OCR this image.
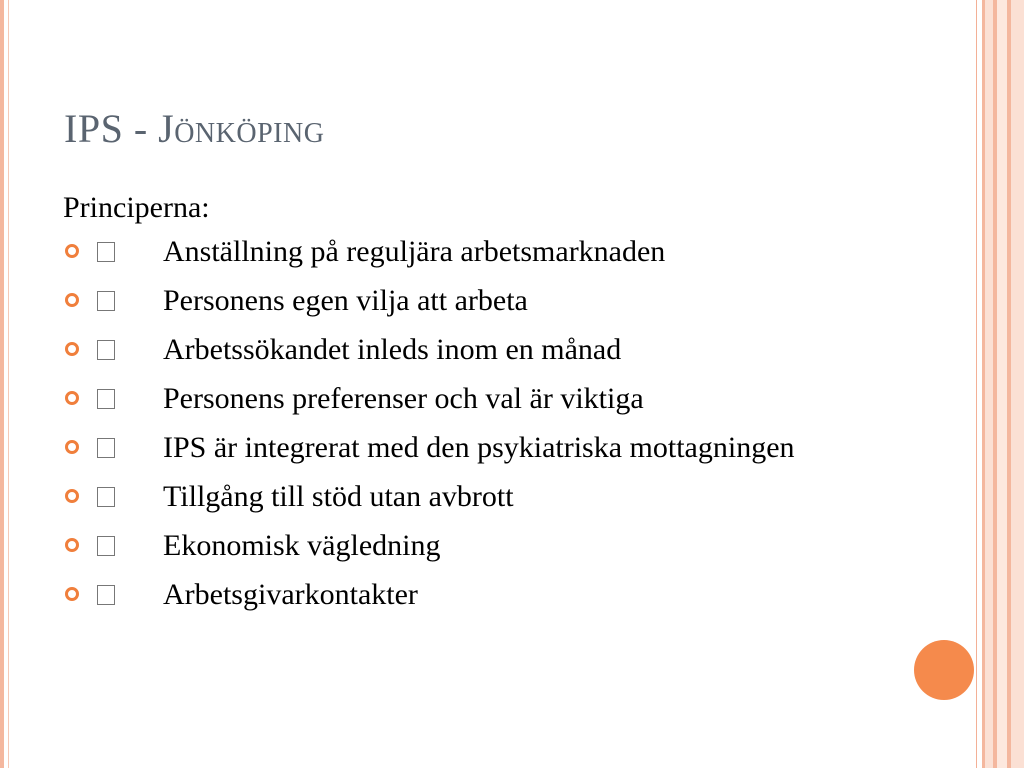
IPS - Jönköping
Principerna:
Anställning på reguljära arbetsmarknaden
Personens egen vilja att arbeta
Arbetssökandet inleds inom en månad
Personens preferenser och val är viktiga
IPS är integrerat med den psykiatriska mottagningen
Tillgång till stöd utan avbrott
Ekonomisk vägledning
Arbetsgivarkontakter
